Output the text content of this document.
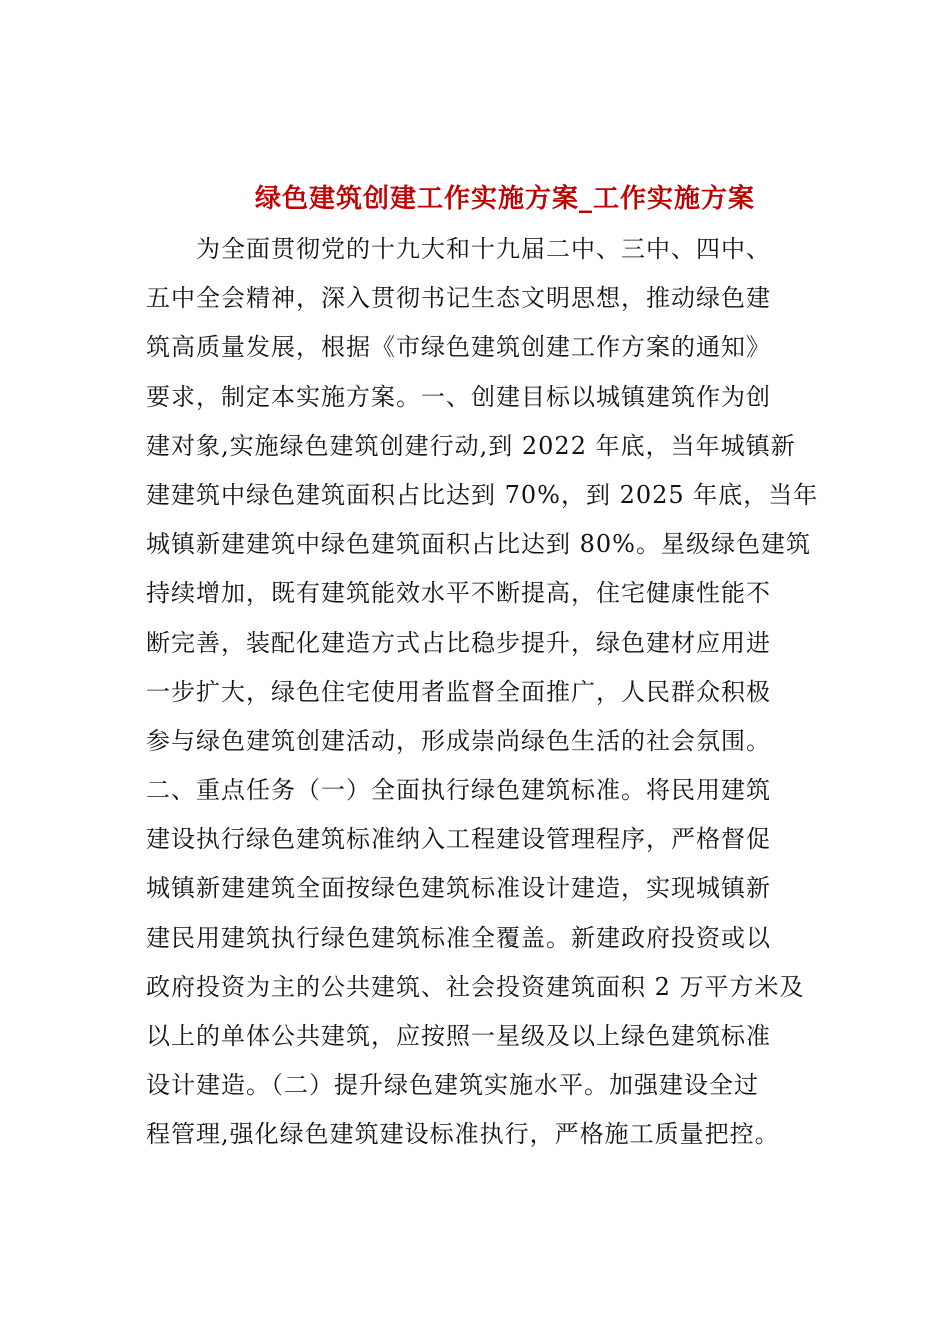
绿色建筑创建工作实施方案_工作实施方案
为全面贯彻党的十九大和十九届二中、三中、四中、
五中全会精神，深入贯彻书记生态文明思想，推动绿色建
筑高质量发展，根据《市绿色建筑创建工作方案的通知》
要求，制定本实施方案。一、创建目标以城镇建筑作为创
建对象,实施绿色建筑创建行动,到 2022 年底，当年城镇新
建建筑中绿色建筑面积占比达到 70%，到 2025 年底，当年
城镇新建建筑中绿色建筑面积占比达到 80%。星级绿色建筑
持续增加，既有建筑能效水平不断提高，住宅健康性能不
断完善，装配化建造方式占比稳步提升，绿色建材应用进
一步扩大，绿色住宅使用者监督全面推广，人民群众积极
参与绿色建筑创建活动，形成崇尚绿色生活的社会氛围。
二、重点任务（一）全面执行绿色建筑标准。将民用建筑
建设执行绿色建筑标准纳入工程建设管理程序，严格督促
城镇新建建筑全面按绿色建筑标准设计建造，实现城镇新
建民用建筑执行绿色建筑标准全覆盖。新建政府投资或以
政府投资为主的公共建筑、社会投资建筑面积 2 万平方米及
以上的单体公共建筑，应按照一星级及以上绿色建筑标准
设计建造。（二）提升绿色建筑实施水平。加强建设全过
程管理,强化绿色建筑建设标准执行，严格施工质量把控。
